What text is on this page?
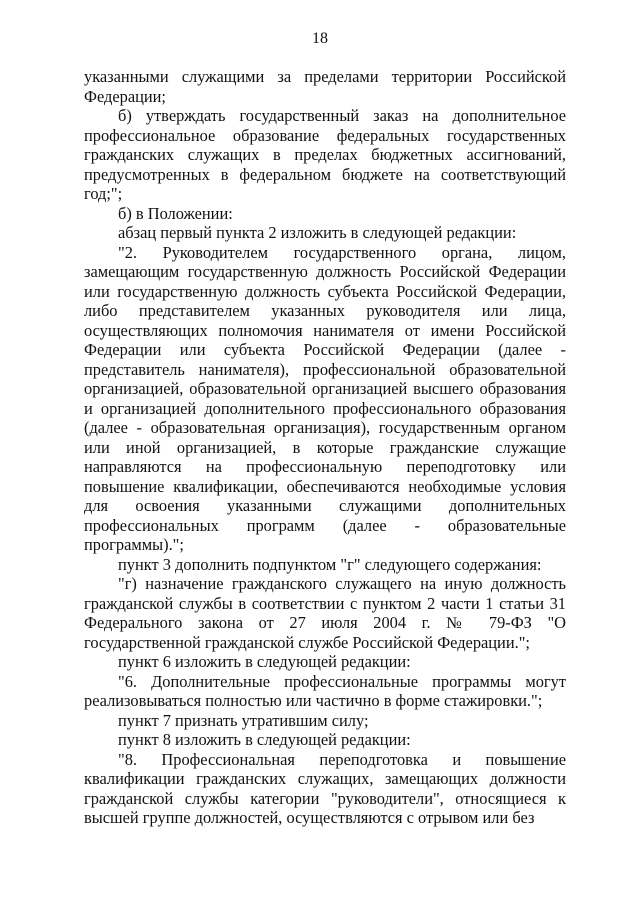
18

указанными служащими за пределами территории Российской Федерации;

б) утверждать государственный заказ на дополнительное профессиональное образование федеральных государственных гражданских служащих в пределах бюджетных ассигнований, предусмотренных в федеральном бюджете на соответствующий год;";

б) в Положении:

абзац первый пункта 2 изложить в следующей редакции:

"2. Руководителем государственного органа, лицом, замещающим государственную должность Российской Федерации или государственную должность субъекта Российской Федерации, либо представителем указанных руководителя или лица, осуществляющих полномочия нанимателя от имени Российской Федерации или субъекта Российской Федерации (далее - представитель нанимателя), профессиональной образовательной организацией, образовательной организацией высшего образования и организацией дополнительного профессионального образования (далее - образовательная организация), государственным органом или иной организацией, в которые гражданские служащие направляются на профессиональную переподготовку или повышение квалификации, обеспечиваются необходимые условия для освоения указанными служащими дополнительных профессиональных программ (далее - образовательные программы).";

пункт 3 дополнить подпунктом "г" следующего содержания:

"г) назначение гражданского служащего на иную должность гражданской службы в соответствии с пунктом 2 части 1 статьи 31 Федерального закона от 27 июля 2004 г. № 79-ФЗ "О государственной гражданской службе Российской Федерации.";

пункт 6 изложить в следующей редакции:

"6. Дополнительные профессиональные программы могут реализовываться полностью или частично в форме стажировки.";

пункт 7 признать утратившим силу;

пункт 8 изложить в следующей редакции:

"8. Профессиональная переподготовка и повышение квалификации гражданских служащих, замещающих должности гражданской службы категории "руководители", относящиеся к высшей группе должностей, осуществляются с отрывом или без
